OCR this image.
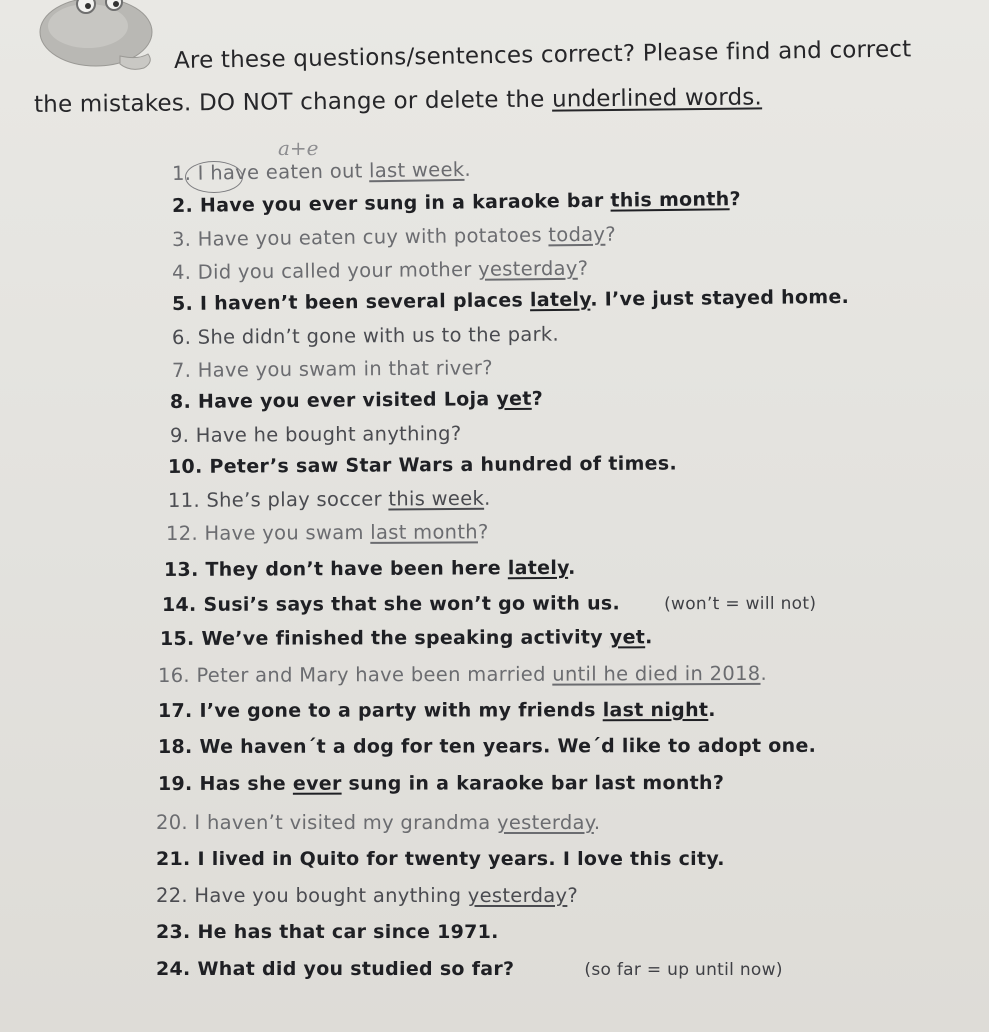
Are these questions/sentences correct? Please find and correct
the mistakes. DO NOT change or delete the underlined words.
a+e
1. I have eaten out last week.
2. Have you ever sung in a karaoke bar this month?
3. Have you eaten cuy with potatoes today?
4. Did you called your mother yesterday?
5. I haven’t been several places lately. I’ve just stayed home.
6. She didn’t gone with us to the park.
7. Have you swam in that river?
8. Have you ever visited Loja yet?
9. Have he bought anything?
10. Peter’s saw Star Wars a hundred of times.
11. She’s play soccer this week.
12. Have you swam last month?
13. They don’t have been here lately.
14. Susi’s says that she won’t go with us.	(won’t = will not)
15. We’ve finished the speaking activity yet.
16. Peter and Mary have been married until he died in 2018.
17. I’ve gone to a party with my friends last night.
18. We haven´t a dog for ten years. We´d like to adopt one.
19. Has she ever sung in a karaoke bar last month?
20. I haven’t visited my grandma yesterday.
21. I lived in Quito for twenty years. I love this city.
22. Have you bought anything yesterday?
23. He has that car since 1971.
24. What did you studied so far?	(so far = up until now)
